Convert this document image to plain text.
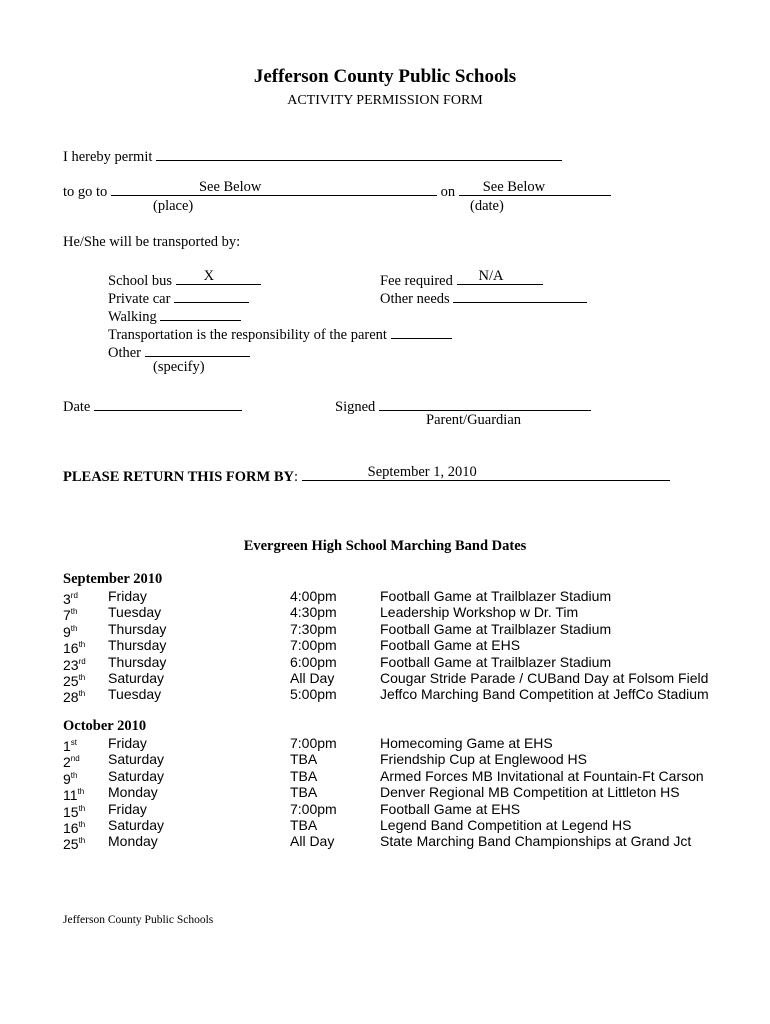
Jefferson County Public Schools
ACTIVITY PERMISSION FORM
I hereby permit
to go to	See Below	on See Below
(place)	(date)
He/She will be transported by:
School bus X	Fee required N/A
Private car	Other needs
Walking
Transportation is the responsibility of the parent
Other
(specify)
Date	Signed
Parent/Guardian
PLEASE RETURN THIS FORM BY:	September 1, 2010
Evergreen High School Marching Band Dates
September 2010
3rd Friday	4:00pm	Football Game at Trailblazer Stadium
7th Tuesday	4:30pm	Leadership Workshop w Dr. Tim
9th Thursday	7:30pm	Football Game at Trailblazer Stadium
16th Thursday	7:00pm	Football Game at EHS
23rd Thursday	6:00pm	Football Game at Trailblazer Stadium
25th Saturday	All Day	Cougar Stride Parade / CUBand Day at Folsom Field
28th Tuesday	5:00pm	Jeffco Marching Band Competition at JeffCo Stadium
October 2010
1st Friday	7:00pm	Homecoming Game at EHS
2nd Saturday	TBA	Friendship Cup at Englewood HS
9th Saturday	TBA	Armed Forces MB Invitational at Fountain-Ft Carson
11th Monday	TBA	Denver Regional MB Competition at Littleton HS
15th Friday	7:00pm	Football Game at EHS
16th Saturday	TBA	Legend Band Competition at Legend HS
25th Monday	All Day	State Marching Band Championships at Grand Jct
Jefferson County Public Schools
